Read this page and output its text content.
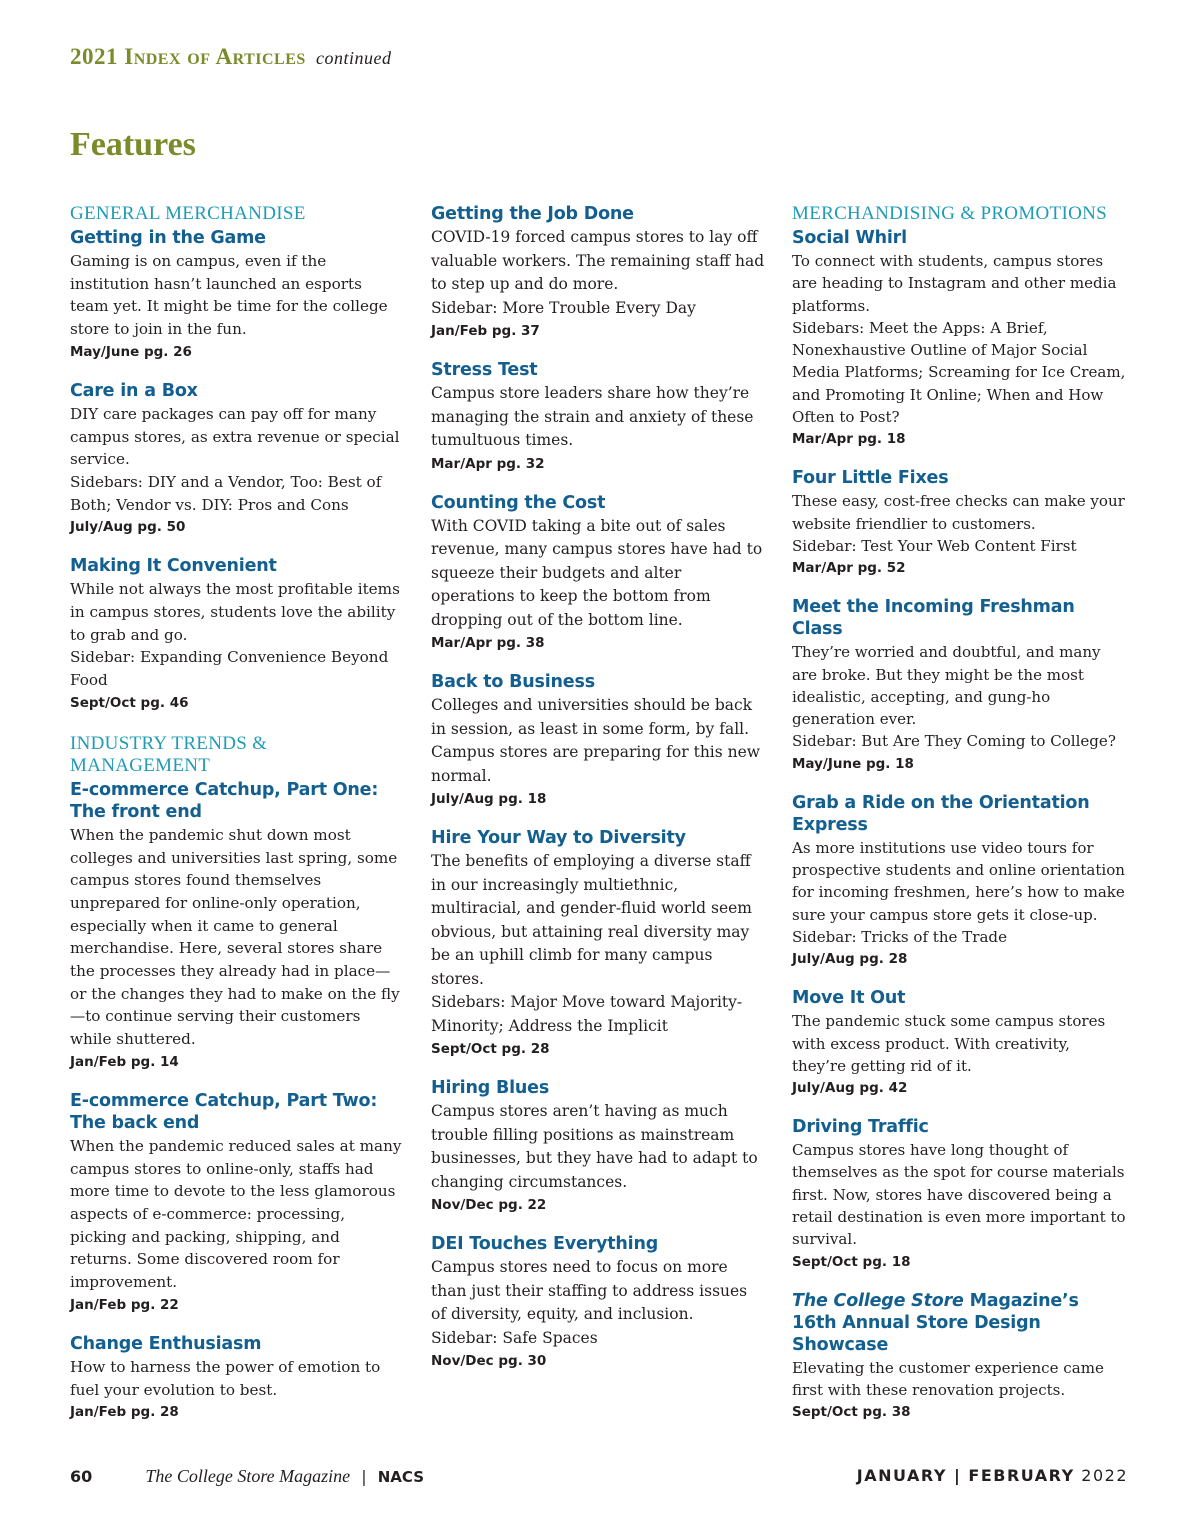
2021 Index of Articles continued
Features
GENERAL MERCHANDISE
Getting in the Game
Gaming is on campus, even if the institution hasn’t launched an esports team yet. It might be time for the college store to join in the fun.
May/June pg. 26
Care in a Box
DIY care packages can pay off for many campus stores, as extra revenue or special service.
Sidebars: DIY and a Vendor, Too: Best of Both; Vendor vs. DIY: Pros and Cons
July/Aug pg. 50
Making It Convenient
While not always the most profitable items in campus stores, students love the ability to grab and go.
Sidebar: Expanding Convenience Beyond Food
Sept/Oct pg. 46
INDUSTRY TRENDS & MANAGEMENT
E-commerce Catchup, Part One: The front end
When the pandemic shut down most colleges and universities last spring, some campus stores found themselves unprepared for online-only operation, especially when it came to general merchandise. Here, several stores share the processes they already had in place—or the changes they had to make on the fly—to continue serving their customers while shuttered.
Jan/Feb pg. 14
E-commerce Catchup, Part Two: The back end
When the pandemic reduced sales at many campus stores to online-only, staffs had more time to devote to the less glamorous aspects of e-commerce: processing, picking and packing, shipping, and returns. Some discovered room for improvement.
Jan/Feb pg. 22
Change Enthusiasm
How to harness the power of emotion to fuel your evolution to best.
Jan/Feb pg. 28
Getting the Job Done
COVID-19 forced campus stores to lay off valuable workers. The remaining staff had to step up and do more.
Sidebar: More Trouble Every Day
Jan/Feb pg. 37
Stress Test
Campus store leaders share how they’re managing the strain and anxiety of these tumultuous times.
Mar/Apr pg. 32
Counting the Cost
With COVID taking a bite out of sales revenue, many campus stores have had to squeeze their budgets and alter operations to keep the bottom from dropping out of the bottom line.
Mar/Apr pg. 38
Back to Business
Colleges and universities should be back in session, as least in some form, by fall. Campus stores are preparing for this new normal.
July/Aug pg. 18
Hire Your Way to Diversity
The benefits of employing a diverse staff in our increasingly multiethnic, multiracial, and gender-fluid world seem obvious, but attaining real diversity may be an uphill climb for many campus stores.
Sidebars: Major Move toward Majority-Minority; Address the Implicit
Sept/Oct pg. 28
Hiring Blues
Campus stores aren’t having as much trouble filling positions as mainstream businesses, but they have had to adapt to changing circumstances.
Nov/Dec pg. 22
DEI Touches Everything
Campus stores need to focus on more than just their staffing to address issues of diversity, equity, and inclusion.
Sidebar: Safe Spaces
Nov/Dec pg. 30
MERCHANDISING & PROMOTIONS
Social Whirl
To connect with students, campus stores are heading to Instagram and other media platforms.
Sidebars: Meet the Apps: A Brief, Nonexhaustive Outline of Major Social Media Platforms; Screaming for Ice Cream, and Promoting It Online; When and How Often to Post?
Mar/Apr pg. 18
Four Little Fixes
These easy, cost-free checks can make your website friendlier to customers.
Sidebar: Test Your Web Content First
Mar/Apr pg. 52
Meet the Incoming Freshman Class
They’re worried and doubtful, and many are broke. But they might be the most idealistic, accepting, and gung-ho generation ever.
Sidebar: But Are They Coming to College?
May/June pg. 18
Grab a Ride on the Orientation Express
As more institutions use video tours for prospective students and online orientation for incoming freshmen, here’s how to make sure your campus store gets it close-up.
Sidebar: Tricks of the Trade
July/Aug pg. 28
Move It Out
The pandemic stuck some campus stores with excess product. With creativity, they’re getting rid of it.
July/Aug pg. 42
Driving Traffic
Campus stores have long thought of themselves as the spot for course materials first. Now, stores have discovered being a retail destination is even more important to survival.
Sept/Oct pg. 18
The College Store Magazine’s 16th Annual Store Design Showcase
Elevating the customer experience came first with these renovation projects.
Sept/Oct pg. 38
60	The College Store Magazine | NACS	JANUARY | FEBRUARY 2022
